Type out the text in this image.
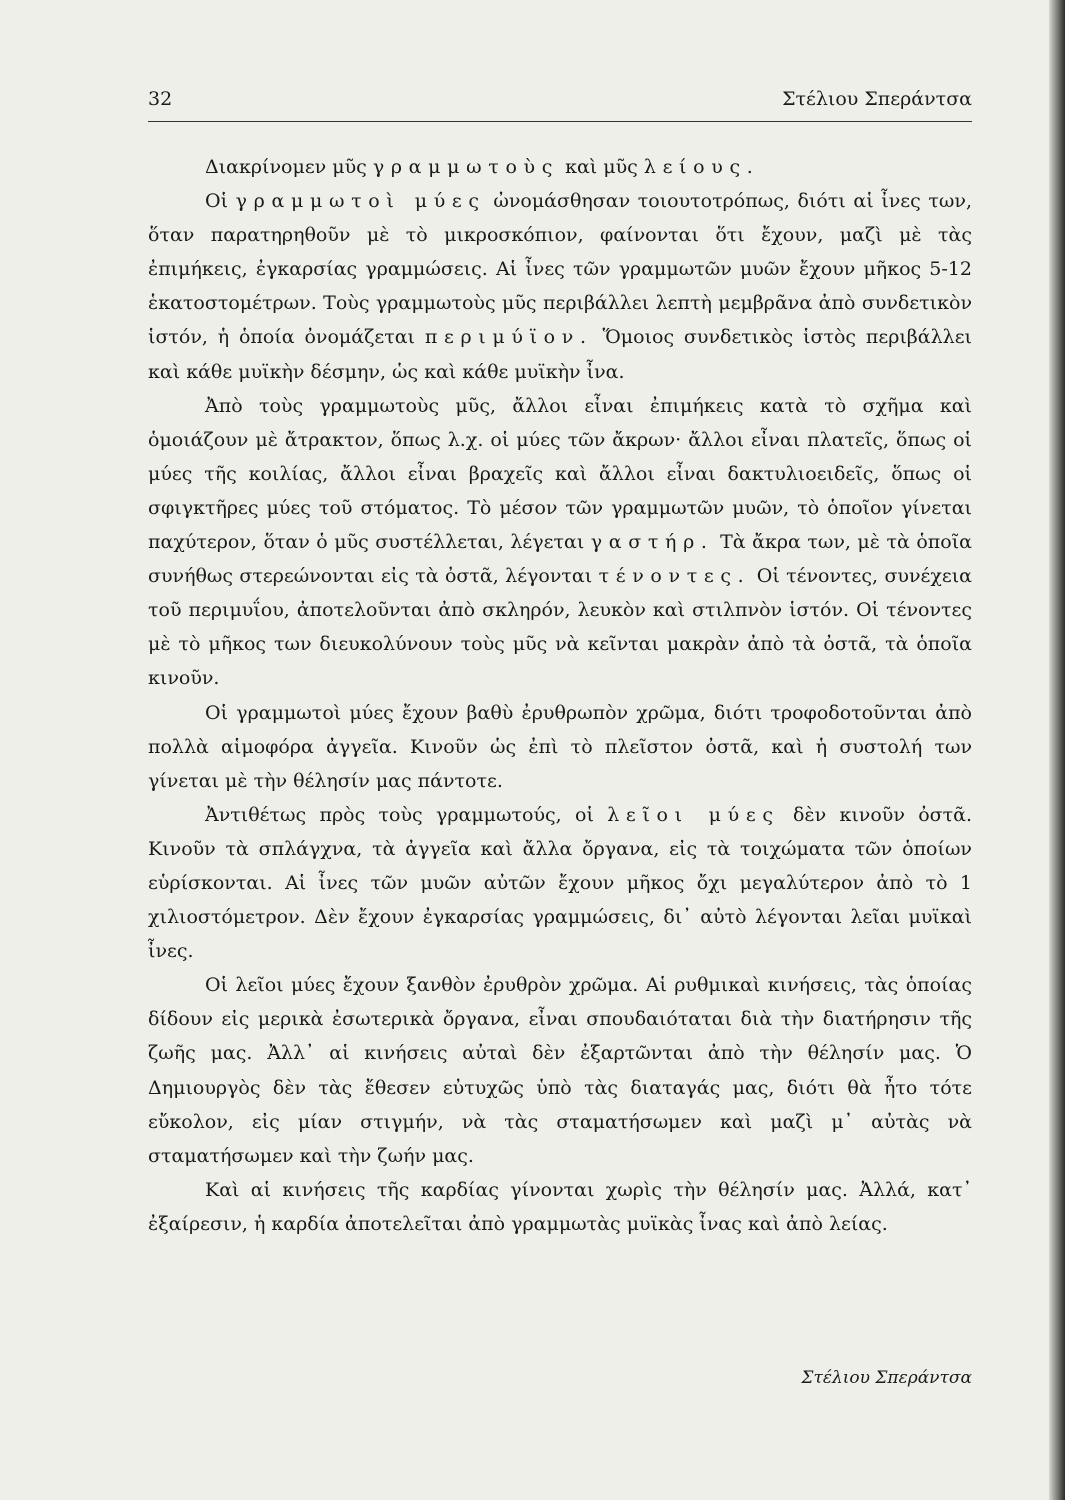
32	Στέλιου Σπεράντσα

Διακρίνομεν μῦς γραμμωτοὺς καὶ μῦς λείους.

Οἱ γραμμωτοὶ μύες ὠνομάσθησαν τοιουτοτρόπως, διότι αἱ ἶνες των, ὅταν παρατηρηθοῦν μὲ τὸ μικροσκόπιον, φαίνονται ὅτι ἔχουν, μαζὶ μὲ τὰς ἐπιμήκεις, ἐγκαρσίας γραμμώσεις. Αἱ ἶνες τῶν γραμμωτῶν μυῶν ἔχουν μῆκος 5-12 ἑκατοστομέτρων. Τοὺς γραμμωτοὺς μῦς περιβάλλει λεπτὴ μεμβρᾶνα ἀπὸ συνδετικὸν ἱστόν, ἡ ὁποία ὀνομάζεται περιμύϊον. Ὅμοιος συνδετικὸς ἱστὸς περιβάλλει καὶ κάθε μυϊκὴν δέσμην, ὡς καὶ κάθε μυϊκὴν ἶνα.

Ἀπὸ τοὺς γραμμωτοὺς μῦς, ἄλλοι εἶναι ἐπιμήκεις κατὰ τὸ σχῆμα καὶ ὁμοιάζουν μὲ ἄτρακτον, ὅπως λ.χ. οἱ μύες τῶν ἄκρων· ἄλλοι εἶναι πλατεῖς, ὅπως οἱ μύες τῆς κοιλίας, ἄλλοι εἶναι βραχεῖς καὶ ἄλλοι εἶναι δακτυλιοειδεῖς, ὅπως οἱ σφιγκτῆρες μύες τοῦ στόματος. Τὸ μέσον τῶν γραμμωτῶν μυῶν, τὸ ὁποῖον γίνεται παχύτερον, ὅταν ὁ μῦς συστέλλεται, λέγεται γαστήρ. Τὰ ἄκρα των, μὲ τὰ ὁποῖα συνήθως στερεώνονται εἰς τὰ ὀστᾶ, λέγονται τένοντες. Οἱ τένοντες, συνέχεια τοῦ περιμυΐου, ἀποτελοῦνται ἀπὸ σκληρόν, λευκὸν καὶ στιλπνὸν ἱστόν. Οἱ τένοντες μὲ τὸ μῆκος των διευκολύνουν τοὺς μῦς νὰ κεῖνται μακρὰν ἀπὸ τὰ ὀστᾶ, τὰ ὁποῖα κινοῦν.

Οἱ γραμμωτοὶ μύες ἔχουν βαθὺ ἐρυθρωπὸν χρῶμα, διότι τροφοδοτοῦνται ἀπὸ πολλὰ αἱμοφόρα ἀγγεῖα. Κινοῦν ὡς ἐπὶ τὸ πλεῖστον ὀστᾶ, καὶ ἡ συστολή των γίνεται μὲ τὴν θέλησίν μας πάντοτε.

Ἀντιθέτως πρὸς τοὺς γραμμωτούς, οἱ λεῖοι μύες δὲν κινοῦν ὀστᾶ. Κινοῦν τὰ σπλάγχνα, τὰ ἀγγεῖα καὶ ἄλλα ὄργανα, εἰς τὰ τοιχώματα τῶν ὁποίων εὑρίσκονται. Αἱ ἶνες τῶν μυῶν αὐτῶν ἔχουν μῆκος ὄχι μεγαλύτερον ἀπὸ τὸ 1 χιλιοστόμετρον. Δὲν ἔχουν ἐγκαρσίας γραμμώσεις, δι᾽ αὐτὸ λέγονται λεῖαι μυϊκαὶ ἶνες.

Οἱ λεῖοι μύες ἔχουν ξανθὸν ἐρυθρὸν χρῶμα. Αἱ ρυθμικαὶ κινήσεις, τὰς ὁποίας δίδουν εἰς μερικὰ ἐσωτερικὰ ὄργανα, εἶναι σπουδαιόταται διὰ τὴν διατήρησιν τῆς ζωῆς μας. Ἀλλ᾽ αἱ κινήσεις αὐταὶ δὲν ἐξαρτῶνται ἀπὸ τὴν θέλησίν μας. Ὁ Δημιουργὸς δὲν τὰς ἔθεσεν εὐτυχῶς ὑπὸ τὰς διαταγάς μας, διότι θὰ ἦτο τότε εὔκολον, εἰς μίαν στιγμήν, νὰ τὰς σταματήσωμεν καὶ μαζὶ μ᾽ αὐτὰς νὰ σταματήσωμεν καὶ τὴν ζωήν μας.

Καὶ αἱ κινήσεις τῆς καρδίας γίνονται χωρὶς τὴν θέλησίν μας. Ἀλλά, κατ᾽ ἐξαίρεσιν, ἡ καρδία ἀποτελεῖται ἀπὸ γραμμωτὰς μυϊκὰς ἶνας καὶ ἀπὸ λείας.

Στέλιου Σπεράντσα
